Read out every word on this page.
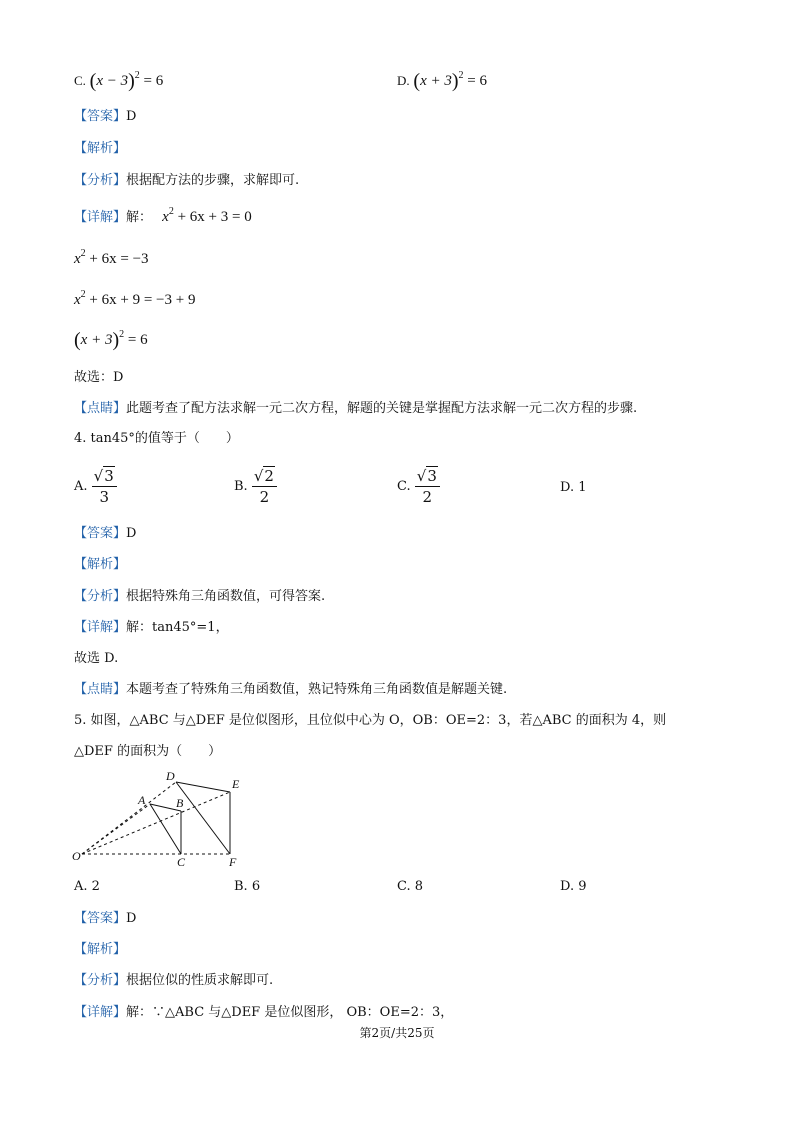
C. $(x - 3)^2 = 6$	D. $(x + 3)^2 = 6$
【答案】D
【解析】
【分析】根据配方法的步骤，求解即可.
【详解】解： $x^2 + 6x + 3 = 0$
$x^2 + 6x = -3$
$x^2 + 6x + 9 = -3 + 9$
$(x + 3)^2 = 6$
故选：D
【点睛】此题考查了配方法求解一元二次方程，解题的关键是掌握配方法求解一元二次方程的步骤.
4. tan45°的值等于（　　）
A. $\frac{√3}{3}$	B. $\frac{√2}{2}$	C. $\frac{√3}{2}$	D. 1
【答案】D
【解析】
【分析】根据特殊角三角函数值，可得答案.
【详解】解：tan45°=1，
故选 D.
【点睛】本题考查了特殊角三角函数值，熟记特殊角三角函数值是解题关键.
5. 如图，△ABC 与△DEF 是位似图形，且位似中心为 O，OB：OE=2：3，若△ABC 的面积为 4，则
△DEF 的面积为（　　）
O
A	B
C
D
E
F
A. 2	B. 6	C. 8	D. 9
【答案】D
【解析】
【分析】根据位似的性质求解即可.
【详解】解：∵△ABC 与△DEF 是位似图形， OB：OE=2：3，
第2页/共25页
